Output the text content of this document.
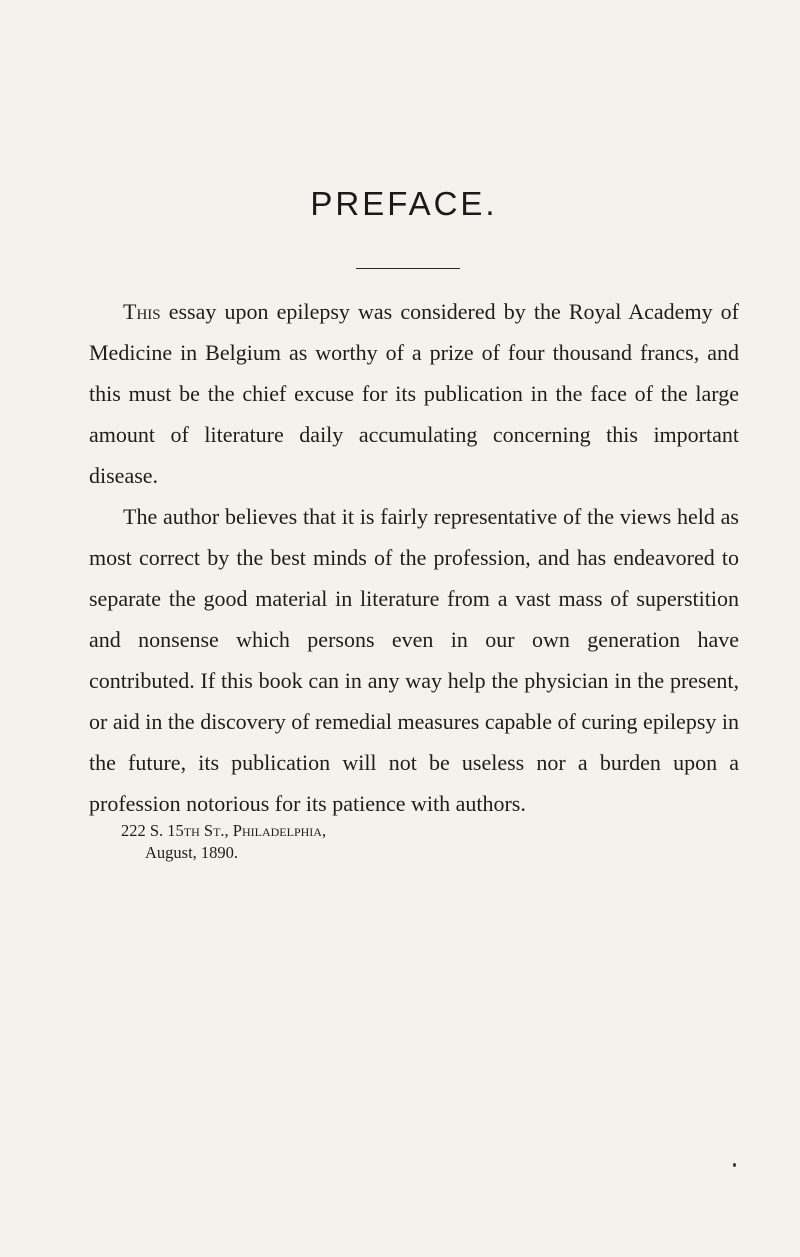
PREFACE.

This essay upon epilepsy was considered by the Royal Academy of Medicine in Belgium as worthy of a prize of four thousand francs, and this must be the chief excuse for its publication in the face of the large amount of literature daily accumulating concerning this important disease.

The author believes that it is fairly representative of the views held as most correct by the best minds of the profession, and has endeavored to separate the good material in literature from a vast mass of superstition and nonsense which persons even in our own generation have contributed. If this book can in any way help the physician in the present, or aid in the discovery of remedial measures capable of curing epilepsy in the future, its publication will not be useless nor a burden upon a profession notorious for its patience with authors.

222 S. 15th St., Philadelphia,
August, 1890.
